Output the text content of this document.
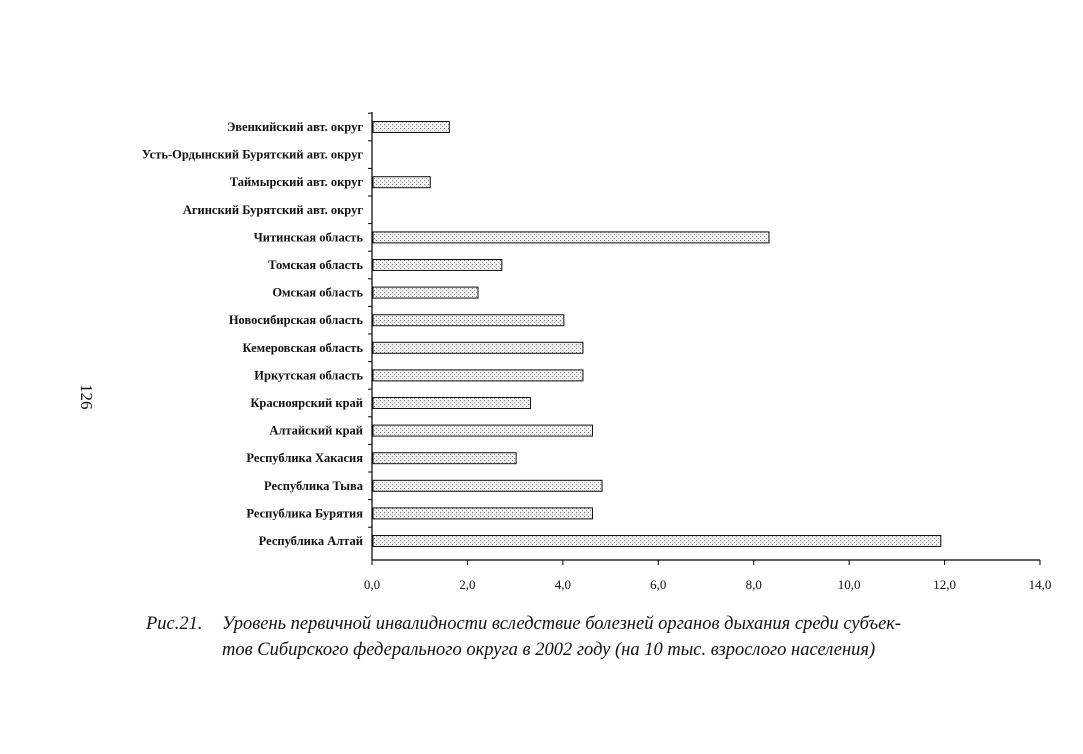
Эвенкийский авт. округ
Усть-Ордынский Бурятский авт. округ
Таймырский авт. округ
Агинский Бурятский авт. округ
Читинская область
Томская область
Омская область
Новосибирская область
Кемеровская область
Иркутская область
Красноярский край
Алтайский край
Республика Хакасия
Республика Тыва
Республика Бурятия
Республика Алтай
0,0	2,0	4,0	6,0	8,0	10,0	12,0	14,0
126
Рис.21. Уровень первичной инвалидности вследствие болезней органов дыхания среди субъек-
тов Сибирского федерального округа в 2002 году (на 10 тыс. взрослого населения)
